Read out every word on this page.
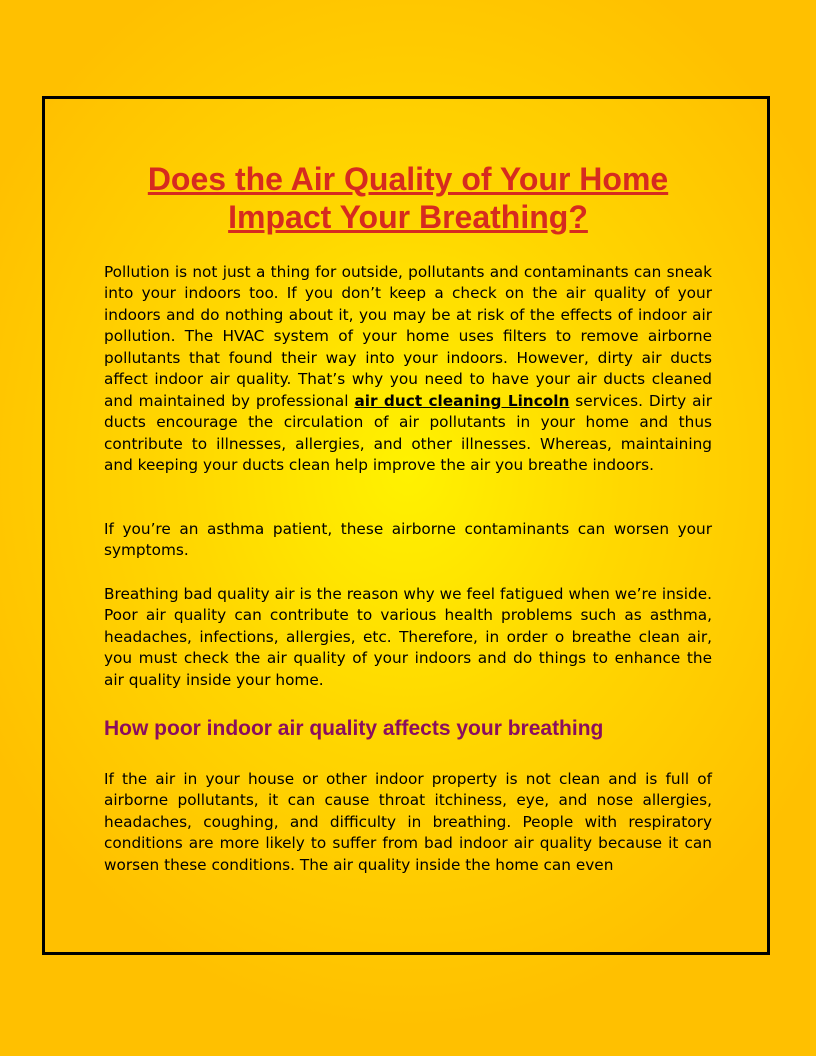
Does the Air Quality of Your Home Impact Your Breathing?

Pollution is not just a thing for outside, pollutants and contaminants can sneak into your indoors too. If you don’t keep a check on the air quality of your indoors and do nothing about it, you may be at risk of the effects of indoor air pollution. The HVAC system of your home uses filters to remove airborne pollutants that found their way into your indoors. However, dirty air ducts affect indoor air quality. That’s why you need to have your air ducts cleaned and maintained by professional air duct cleaning Lincoln services. Dirty air ducts encourage the circulation of air pollutants in your home and thus contribute to illnesses, allergies, and other illnesses. Whereas, maintaining and keeping your ducts clean help improve the air you breathe indoors.

If you’re an asthma patient, these airborne contaminants can worsen your symptoms.

Breathing bad quality air is the reason why we feel fatigued when we’re inside. Poor air quality can contribute to various health problems such as asthma, headaches, infections, allergies, etc. Therefore, in order o breathe clean air, you must check the air quality of your indoors and do things to enhance the air quality inside your home.

How poor indoor air quality affects your breathing

If the air in your house or other indoor property is not clean and is full of airborne pollutants, it can cause throat itchiness, eye, and nose allergies, headaches, coughing, and difficulty in breathing. People with respiratory conditions are more likely to suffer from bad indoor air quality because it can worsen these conditions. The air quality inside the home can even
